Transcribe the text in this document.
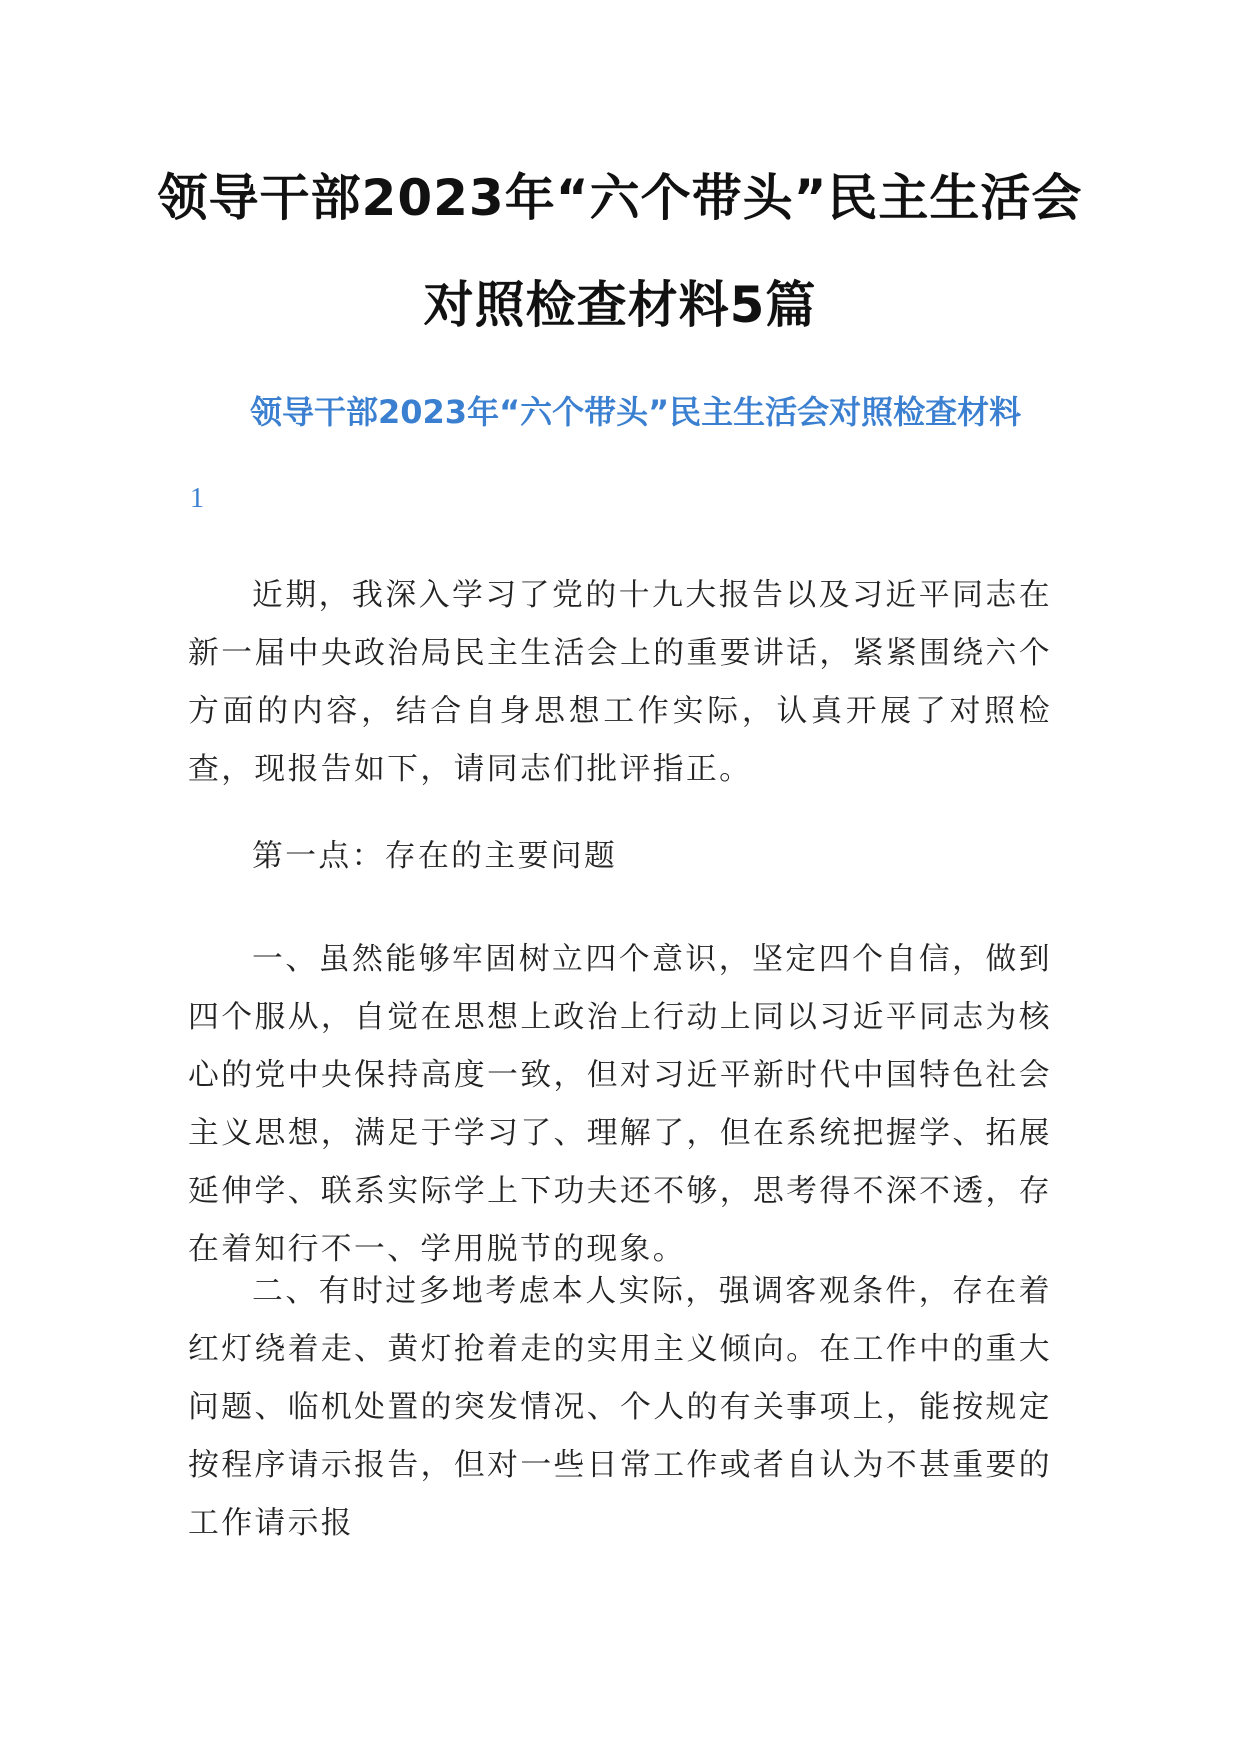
领导干部2023年“六个带头”民主生活会
对照检查材料5篇
领导干部2023年“六个带头”民主生活会对照检查材料
1
近期，我深入学习了党的十九大报告以及习近平同志在新一届中央政治局民主生活会上的重要讲话，紧紧围绕六个方面的内容，结合自身思想工作实际，认真开展了对照检查，现报告如下，请同志们批评指正。
第一点：存在的主要问题
一、虽然能够牢固树立四个意识，坚定四个自信，做到四个服从，自觉在思想上政治上行动上同以习近平同志为核心的党中央保持高度一致，但对习近平新时代中国特色社会主义思想，满足于学习了、理解了，但在系统把握学、拓展延伸学、联系实际学上下功夫还不够，思考得不深不透，存在着知行不一、学用脱节的现象。
二、有时过多地考虑本人实际，强调客观条件，存在着红灯绕着走、黄灯抢着走的实用主义倾向。在工作中的重大问题、临机处置的突发情况、个人的有关事项上，能按规定按程序请示报告，但对一些日常工作或者自认为不甚重要的工作请示报
